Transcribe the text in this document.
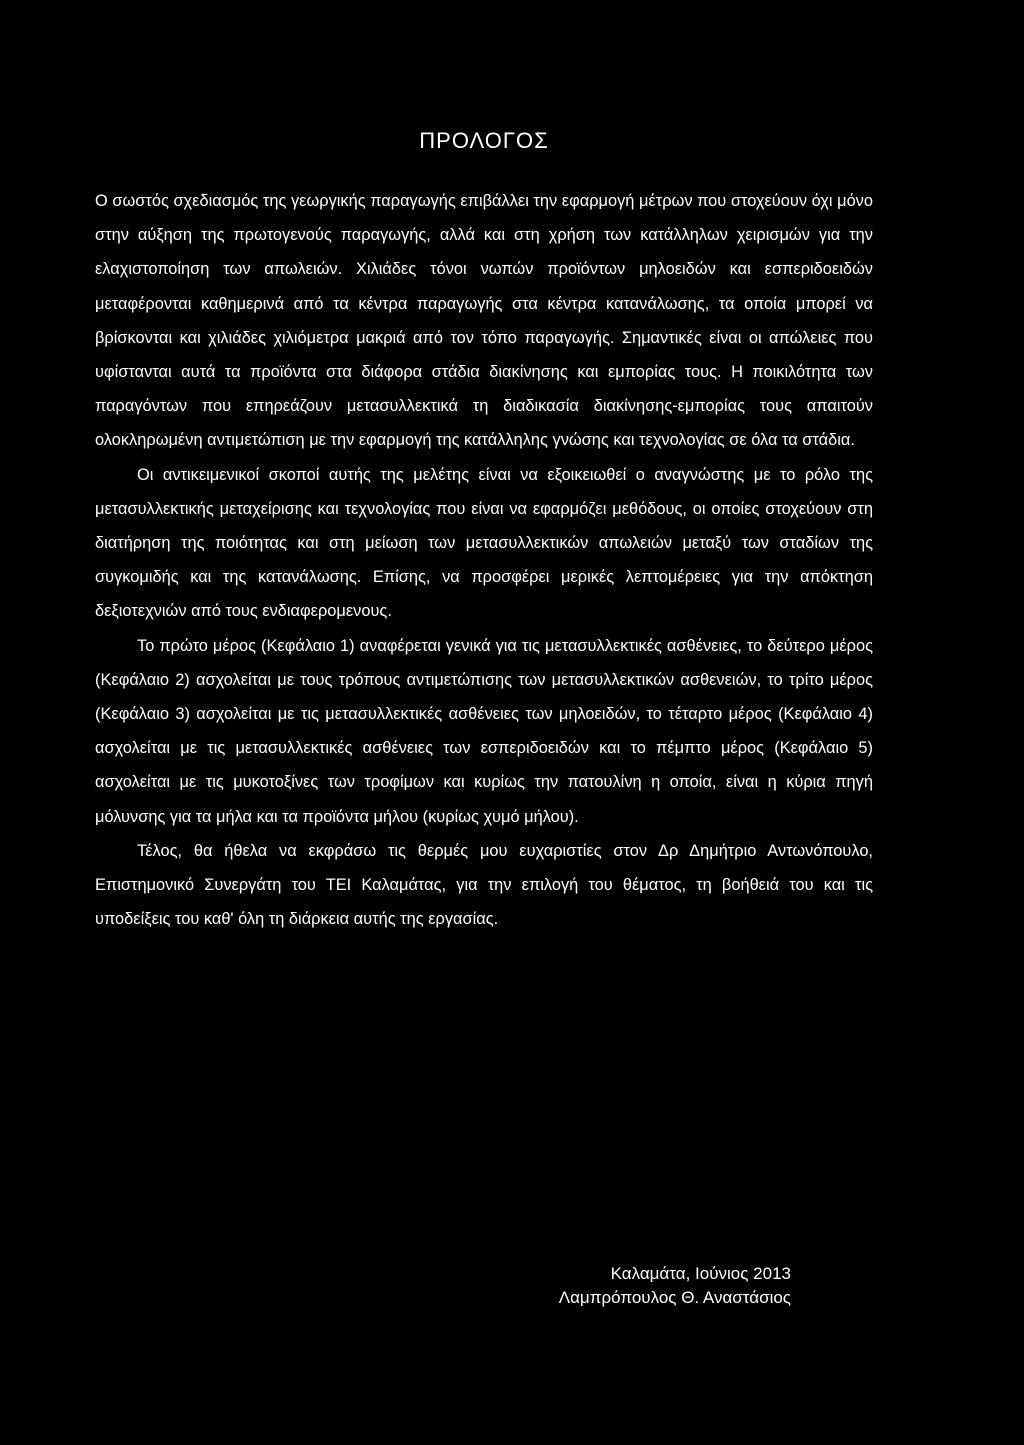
ΠΡΟΛΟΓΟΣ

Ο σωστός σχεδιασμός της γεωργικής παραγωγής επιβάλλει την εφαρμογή μέτρων που στοχεύουν όχι μόνο στην αύξηση της πρωτογενούς παραγωγής, αλλά και στη χρήση των κατάλληλων χειρισμών για την ελαχιστοποίηση των απωλειών. Χιλιάδες τόνοι νωπών προϊόντων μηλοειδών και εσπεριδοειδών μεταφέρονται καθημερινά από τα κέντρα παραγωγής στα κέντρα κατανάλωσης, τα οποία μπορεί να βρίσκονται και χιλιάδες χιλιόμετρα μακριά από τον τόπο παραγωγής. Σημαντικές είναι οι απώλειες που υφίστανται αυτά τα προϊόντα στα διάφορα στάδια διακίνησης και εμπορίας τους. Η ποικιλότητα των παραγόντων που επηρεάζουν μετασυλλεκτικά τη διαδικασία διακίνησης-εμπορίας τους απαιτούν ολοκληρωμένη αντιμετώπιση με την εφαρμογή της κατάλληλης γνώσης και τεχνολογίας σε όλα τα στάδια.

Οι αντικειμενικοί σκοποί αυτής της μελέτης είναι να εξοικειωθεί ο αναγνώστης με το ρόλο της μετασυλλεκτικής μεταχείρισης και τεχνολογίας που είναι να εφαρμόζει μεθόδους, οι οποίες στοχεύουν στη διατήρηση της ποιότητας και στη μείωση των μετασυλλεκτικών απωλειών μεταξύ των σταδίων της συγκομιδής και της κατανάλωσης. Επίσης, να προσφέρει μερικές λεπτομέρειες για την απόκτηση δεξιοτεχνιών από τους ενδιαφερομενους.

Το πρώτο μέρος (Κεφάλαιο 1) αναφέρεται γενικά για τις μετασυλλεκτικές ασθένειες, το δεύτερο μέρος (Κεφάλαιο 2) ασχολείται με τους τρόπους αντιμετώπισης των μετασυλλεκτικών ασθενειών, το τρίτο μέρος (Κεφάλαιο 3) ασχολείται με τις μετασυλλεκτικές ασθένειες των μηλοειδών, το τέταρτο μέρος (Κεφάλαιο 4) ασχολείται με τις μετασυλλεκτικές ασθένειες των εσπεριδοειδών και το πέμπτο μέρος (Κεφάλαιο 5) ασχολείται με τις μυκοτοξίνες των τροφίμων και κυρίως την πατουλίνη η οποία, είναι η κύρια πηγή μόλυνσης για τα μήλα και τα προϊόντα μήλου (κυρίως χυμό μήλου).

Τέλος, θα ήθελα να εκφράσω τις θερμές μου ευχαριστίες στον Δρ Δημήτριο Αντωνόπουλο, Επιστημονικό Συνεργάτη του ΤΕΙ Καλαμάτας, για την επιλογή του θέματος, τη βοήθειά του και τις υποδείξεις του καθ' όλη τη διάρκεια αυτής της εργασίας.

Καλαμάτα, Ιούνιος 2013
Λαμπρόπουλος Θ. Αναστάσιος
